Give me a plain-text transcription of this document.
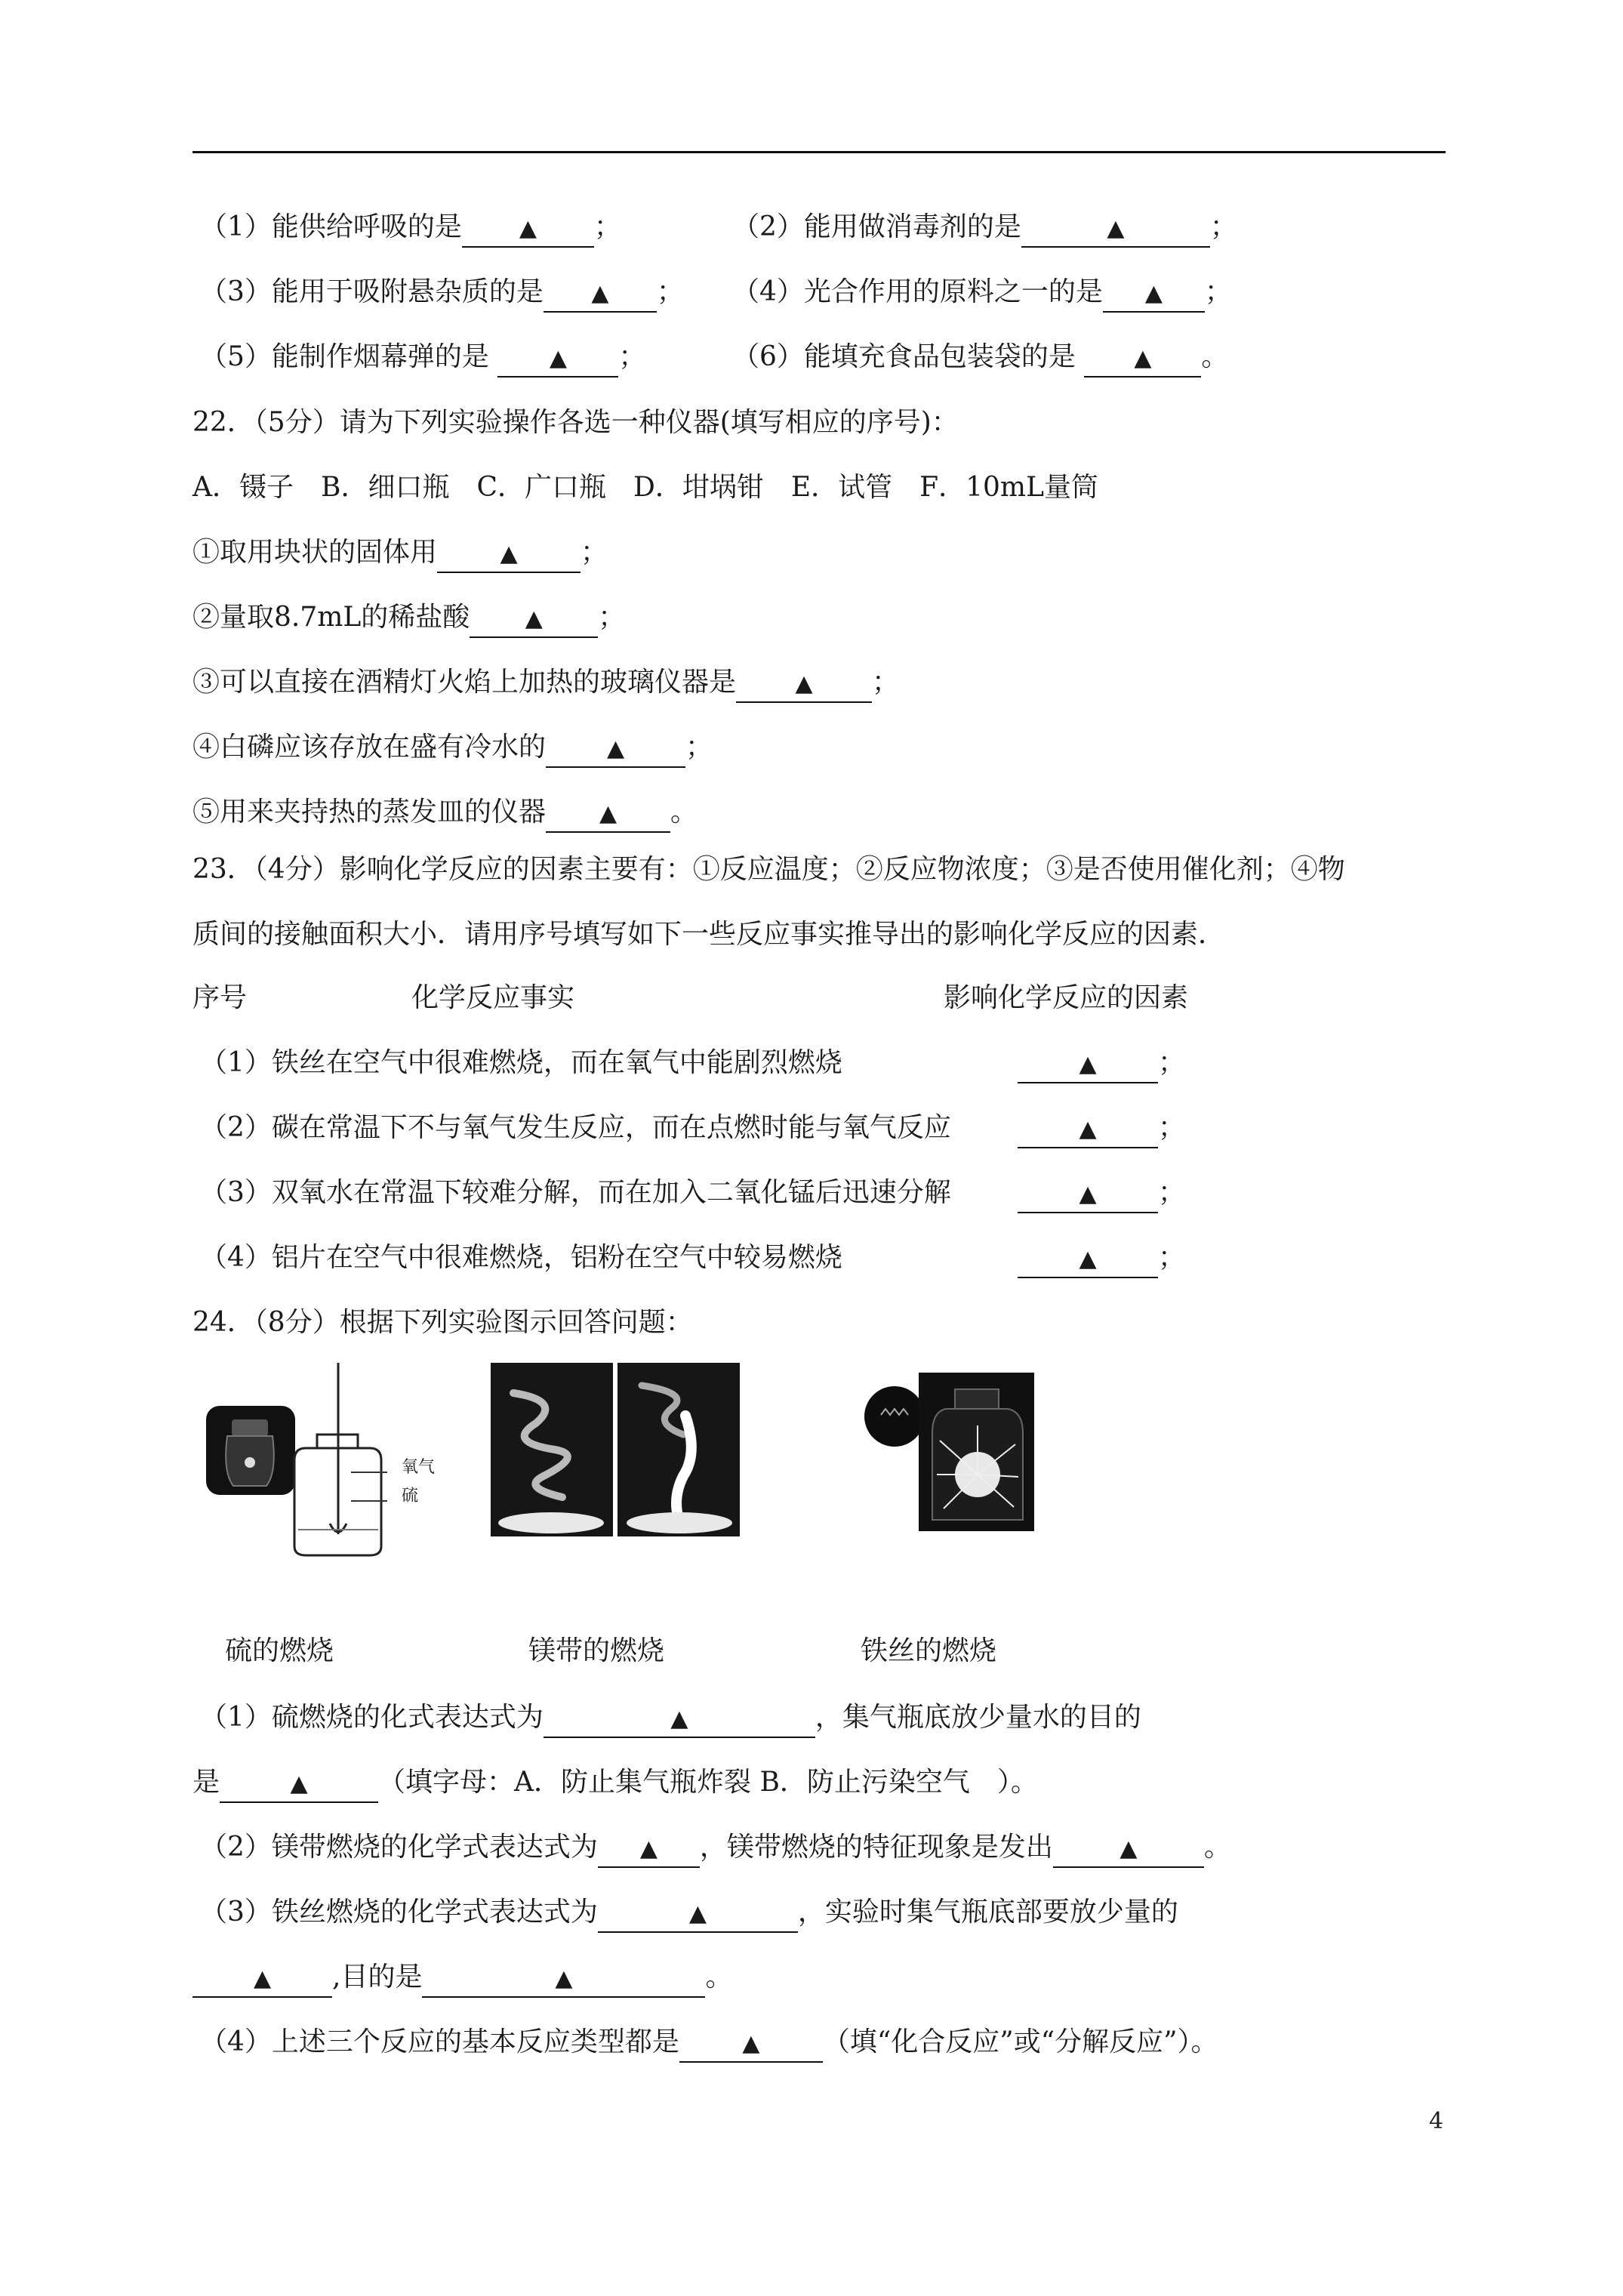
（1）能供给呼吸的是	▲ ；	（2）能用做消毒剂的是	▲	；
（3）能用于吸附悬杂质的是 ▲ ； （4）光合作用的原料之一的是 ▲ ；
（5）能制作烟幕弹的是	▲ ；	（6）能填充食品包装袋的是	▲ 。
22．（5分）请为下列实验操作各选一种仪器(填写相应的序号)：
A．镊子　B．细口瓶　C．广口瓶　D．坩埚钳　E．试管　F．10mL量筒
①取用块状的固体用	▲ ；
②量取8.7mL的稀盐酸 ▲ ；
③可以直接在酒精灯火焰上加热的玻璃仪器是	▲ ；
④白磷应该存放在盛有冷水的	▲ ；
⑤用来夹持热的蒸发皿的仪器 ▲ 。
23．（4分）影响化学反应的因素主要有：①反应温度；②反应物浓度；③是否使用催化剂；④物
质间的接触面积大小．请用序号填写如下一些反应事实推导出的影响化学反应的因素．
序号	化学反应事实	影响化学反应的因素
（1）铁丝在空气中很难燃烧，而在氧气中能剧烈燃烧	▲ ；
（2）碳在常温下不与氧气发生反应，而在点燃时能与氧气反应	▲ ；
（3）双氧水在常温下较难分解，而在加入二氧化锰后迅速分解	▲ ；
（4）铝片在空气中很难燃烧，铝粉在空气中较易燃烧	▲ ；
24．（8分）根据下列实验图示回答问题：
氧气
硫
硫的燃烧	镁带的燃烧	铁丝的燃烧
（1）硫燃烧的化式表达式为	▲	，集气瓶底放少量水的目的
是	▲	（填字母：A．防止集气瓶炸裂 B．防止污染空气　）。
（2）镁带燃烧的化学式表达式为 ▲ ，镁带燃烧的特征现象是发出	▲ 。
（3）铁丝燃烧的化学式表达式为	▲	，实验时集气瓶底部要放少量的
▲ ,目的是	▲	。
（4）上述三个反应的基本反应类型都是	▲ （填“化合反应”或“分解反应”）。
4
